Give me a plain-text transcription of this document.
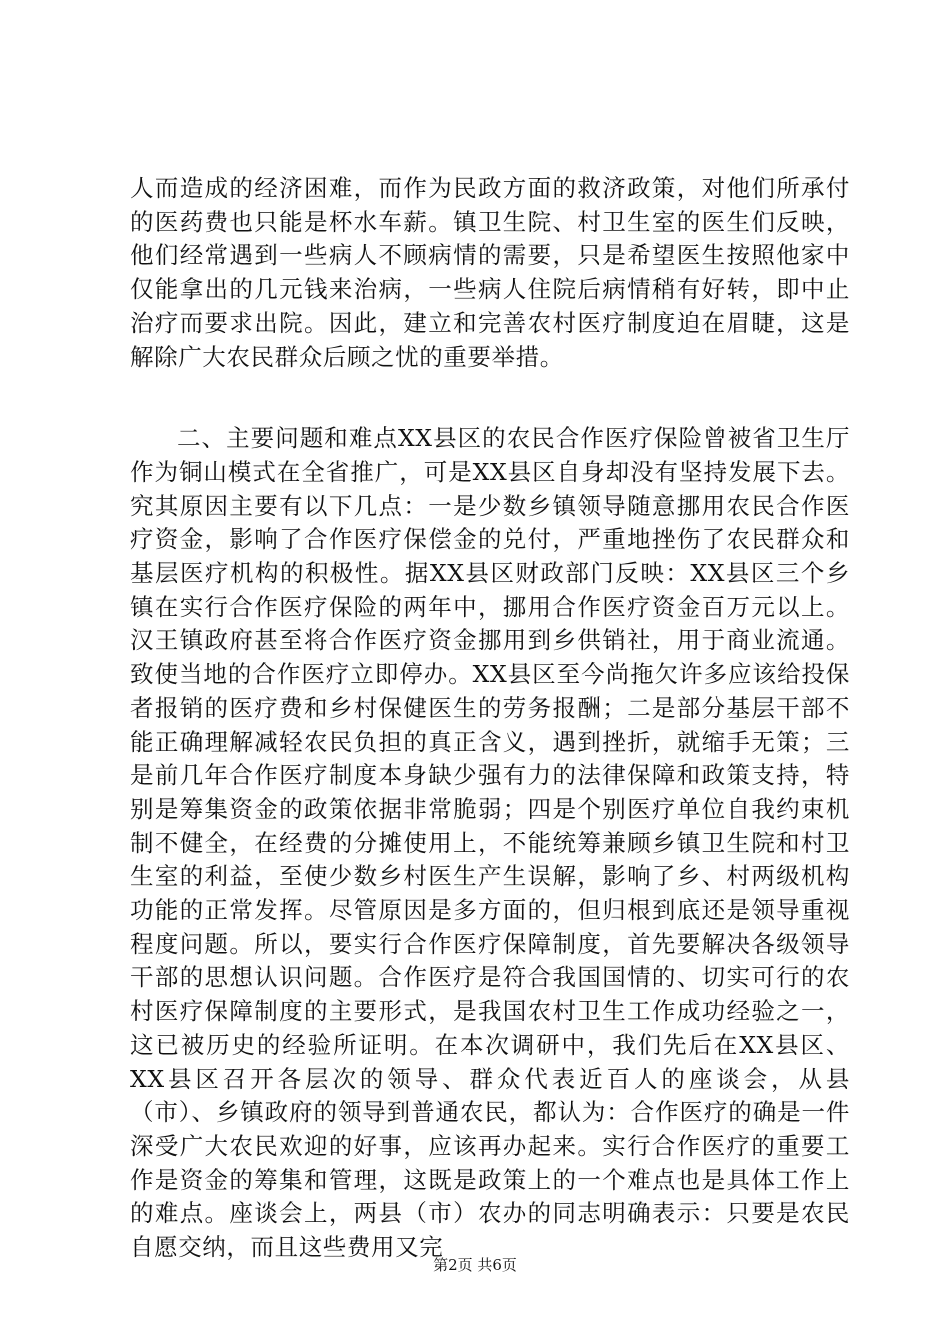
人而造成的经济困难，而作为民政方面的救济政策，对他们所承付的医药费也只能是杯水车薪。镇卫生院、村卫生室的医生们反映，他们经常遇到一些病人不顾病情的需要，只是希望医生按照他家中仅能拿出的几元钱来治病，一些病人住院后病情稍有好转，即中止治疗而要求出院。因此，建立和完善农村医疗制度迫在眉睫，这是解除广大农民群众后顾之忧的重要举措。

二、主要问题和难点XX县区的农民合作医疗保险曾被省卫生厅作为铜山模式在全省推广，可是XX县区自身却没有坚持发展下去。究其原因主要有以下几点：一是少数乡镇领导随意挪用农民合作医疗资金，影响了合作医疗保偿金的兑付，严重地挫伤了农民群众和基层医疗机构的积极性。据XX县区财政部门反映：XX县区三个乡镇在实行合作医疗保险的两年中，挪用合作医疗资金百万元以上。汉王镇政府甚至将合作医疗资金挪用到乡供销社，用于商业流通。致使当地的合作医疗立即停办。XX县区至今尚拖欠许多应该给投保者报销的医疗费和乡村保健医生的劳务报酬；二是部分基层干部不能正确理解减轻农民负担的真正含义，遇到挫折，就缩手无策；三是前几年合作医疗制度本身缺少强有力的法律保障和政策支持，特别是筹集资金的政策依据非常脆弱；四是个别医疗单位自我约束机制不健全，在经费的分摊使用上，不能统筹兼顾乡镇卫生院和村卫生室的利益，至使少数乡村医生产生误解，影响了乡、村两级机构功能的正常发挥。尽管原因是多方面的，但归根到底还是领导重视程度问题。所以，要实行合作医疗保障制度，首先要解决各级领导干部的思想认识问题。合作医疗是符合我国国情的、切实可行的农村医疗保障制度的主要形式，是我国农村卫生工作成功经验之一，这已被历史的经验所证明。在本次调研中，我们先后在XX县区、XX县区召开各层次的领导、群众代表近百人的座谈会，从县（市）、乡镇政府的领导到普通农民，都认为：合作医疗的确是一件深受广大农民欢迎的好事，应该再办起来。实行合作医疗的重要工作是资金的筹集和管理，这既是政策上的一个难点也是具体工作上的难点。座谈会上，两县（市）农办的同志明确表示：只要是农民自愿交纳，而且这些费用又完

第2页 共6页
